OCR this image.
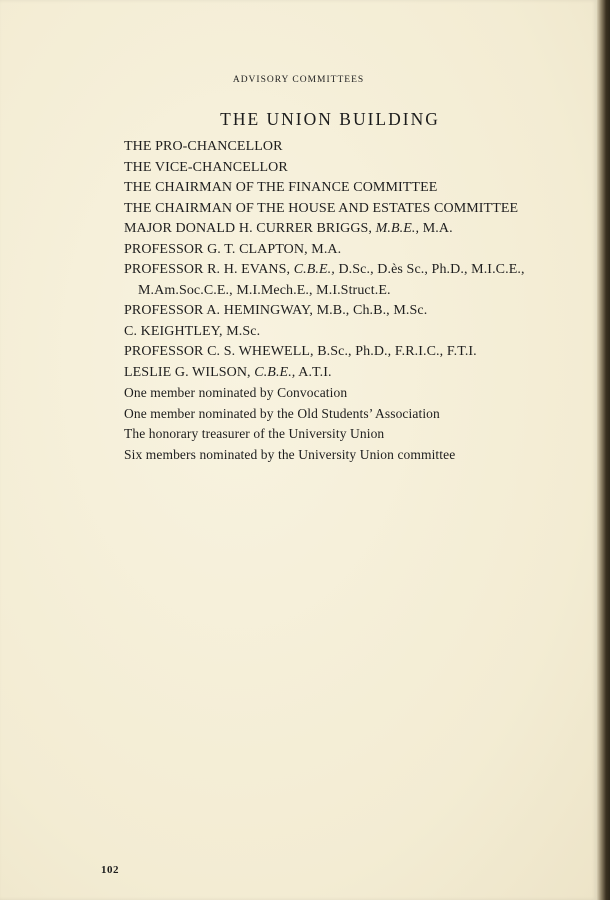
ADVISORY COMMITTEES
THE UNION BUILDING
THE PRO-CHANCELLOR
THE VICE-CHANCELLOR
THE CHAIRMAN OF THE FINANCE COMMITTEE
THE CHAIRMAN OF THE HOUSE AND ESTATES COMMITTEE
MAJOR DONALD H. CURRER BRIGGS, M.B.E., M.A.
PROFESSOR G. T. CLAPTON, M.A.
PROFESSOR R. H. EVANS, C.B.E., D.Sc., D.ès Sc., Ph.D., M.I.C.E.,
M.Am.Soc.C.E., M.I.Mech.E., M.I.Struct.E.
PROFESSOR A. HEMINGWAY, M.B., Ch.B., M.Sc.
C. KEIGHTLEY, M.Sc.
PROFESSOR C. S. WHEWELL, B.Sc., Ph.D., F.R.I.C., F.T.I.
LESLIE G. WILSON, C.B.E., A.T.I.
One member nominated by Convocation
One member nominated by the Old Students’ Association
The honorary treasurer of the University Union
Six members nominated by the University Union committee
102
